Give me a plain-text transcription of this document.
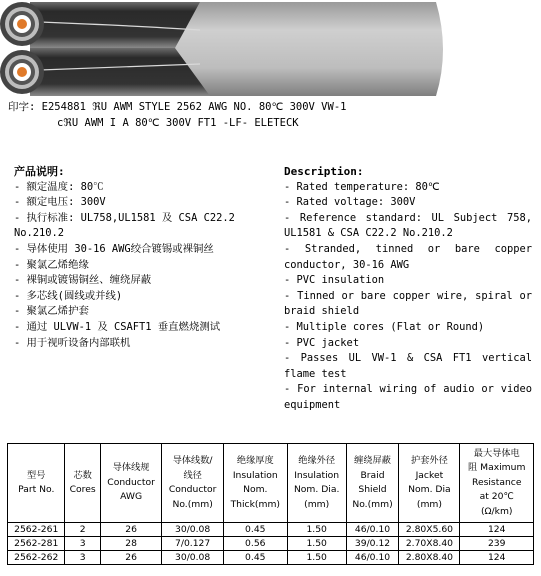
印字: E254881 ℜU AWM STYLE 2562 AWG NO. 80℃ 300V VW-1
cℜU AWM I A 80℃ 300V FT1 -LF- ELETECK
产品说明:
- 额定温度: 80℃
- 额定电压: 300V
- 执行标准: UL758,UL1581 及 CSA C22.2
No.210.2
- 导体使用 30-16 AWG绞合镀锡或裸铜丝
- 聚氯乙烯绝缘
- 裸铜或镀锡铜丝、缠绕屏蔽
- 多芯线(圆线或并线)
- 聚氯乙烯护套
- 通过 ULVW-1 及 CSAFT1 垂直燃烧测试
- 用于视听设备内部联机
Description:
- Rated temperature: 80℃
- Rated voltage: 300V
- Reference standard: UL Subject 758, UL1581 & CSA C22.2 No.210.2
- Stranded, tinned or bare copper conductor, 30-16 AWG
- PVC insulation
- Tinned or bare copper wire, spiral or braid shield
- Multiple cores (Flat or Round)
- PVC jacket
- Passes UL VW-1 & CSA FT1 vertical flame test
- For internal wiring of audio or video equipment
型号
Part No.	芯数
Cores	导体线规
Conductor
AWG	导体线数/
线径
Conductor
No.(mm)	绝缘厚度
Insulation
Nom.
Thick(mm)	绝缘外径
Insulation
Nom. Dia.
(mm)	缠绕屏蔽
Braid
Shield
No.(mm)	护套外径
Jacket
Nom. Dia
(mm)	最大导体电
阻 Maximum
Resistance
at 20℃
(Ω/km)

2562-261	2	26	30/0.08	0.45	1.50	46/0.10	2.80X5.60	124
2562-281	3	28	7/0.127	0.56	1.50	39/0.12	2.70X8.40	239
2562-262	3	26	30/0.08	0.45	1.50	46/0.10	2.80X8.40	124
